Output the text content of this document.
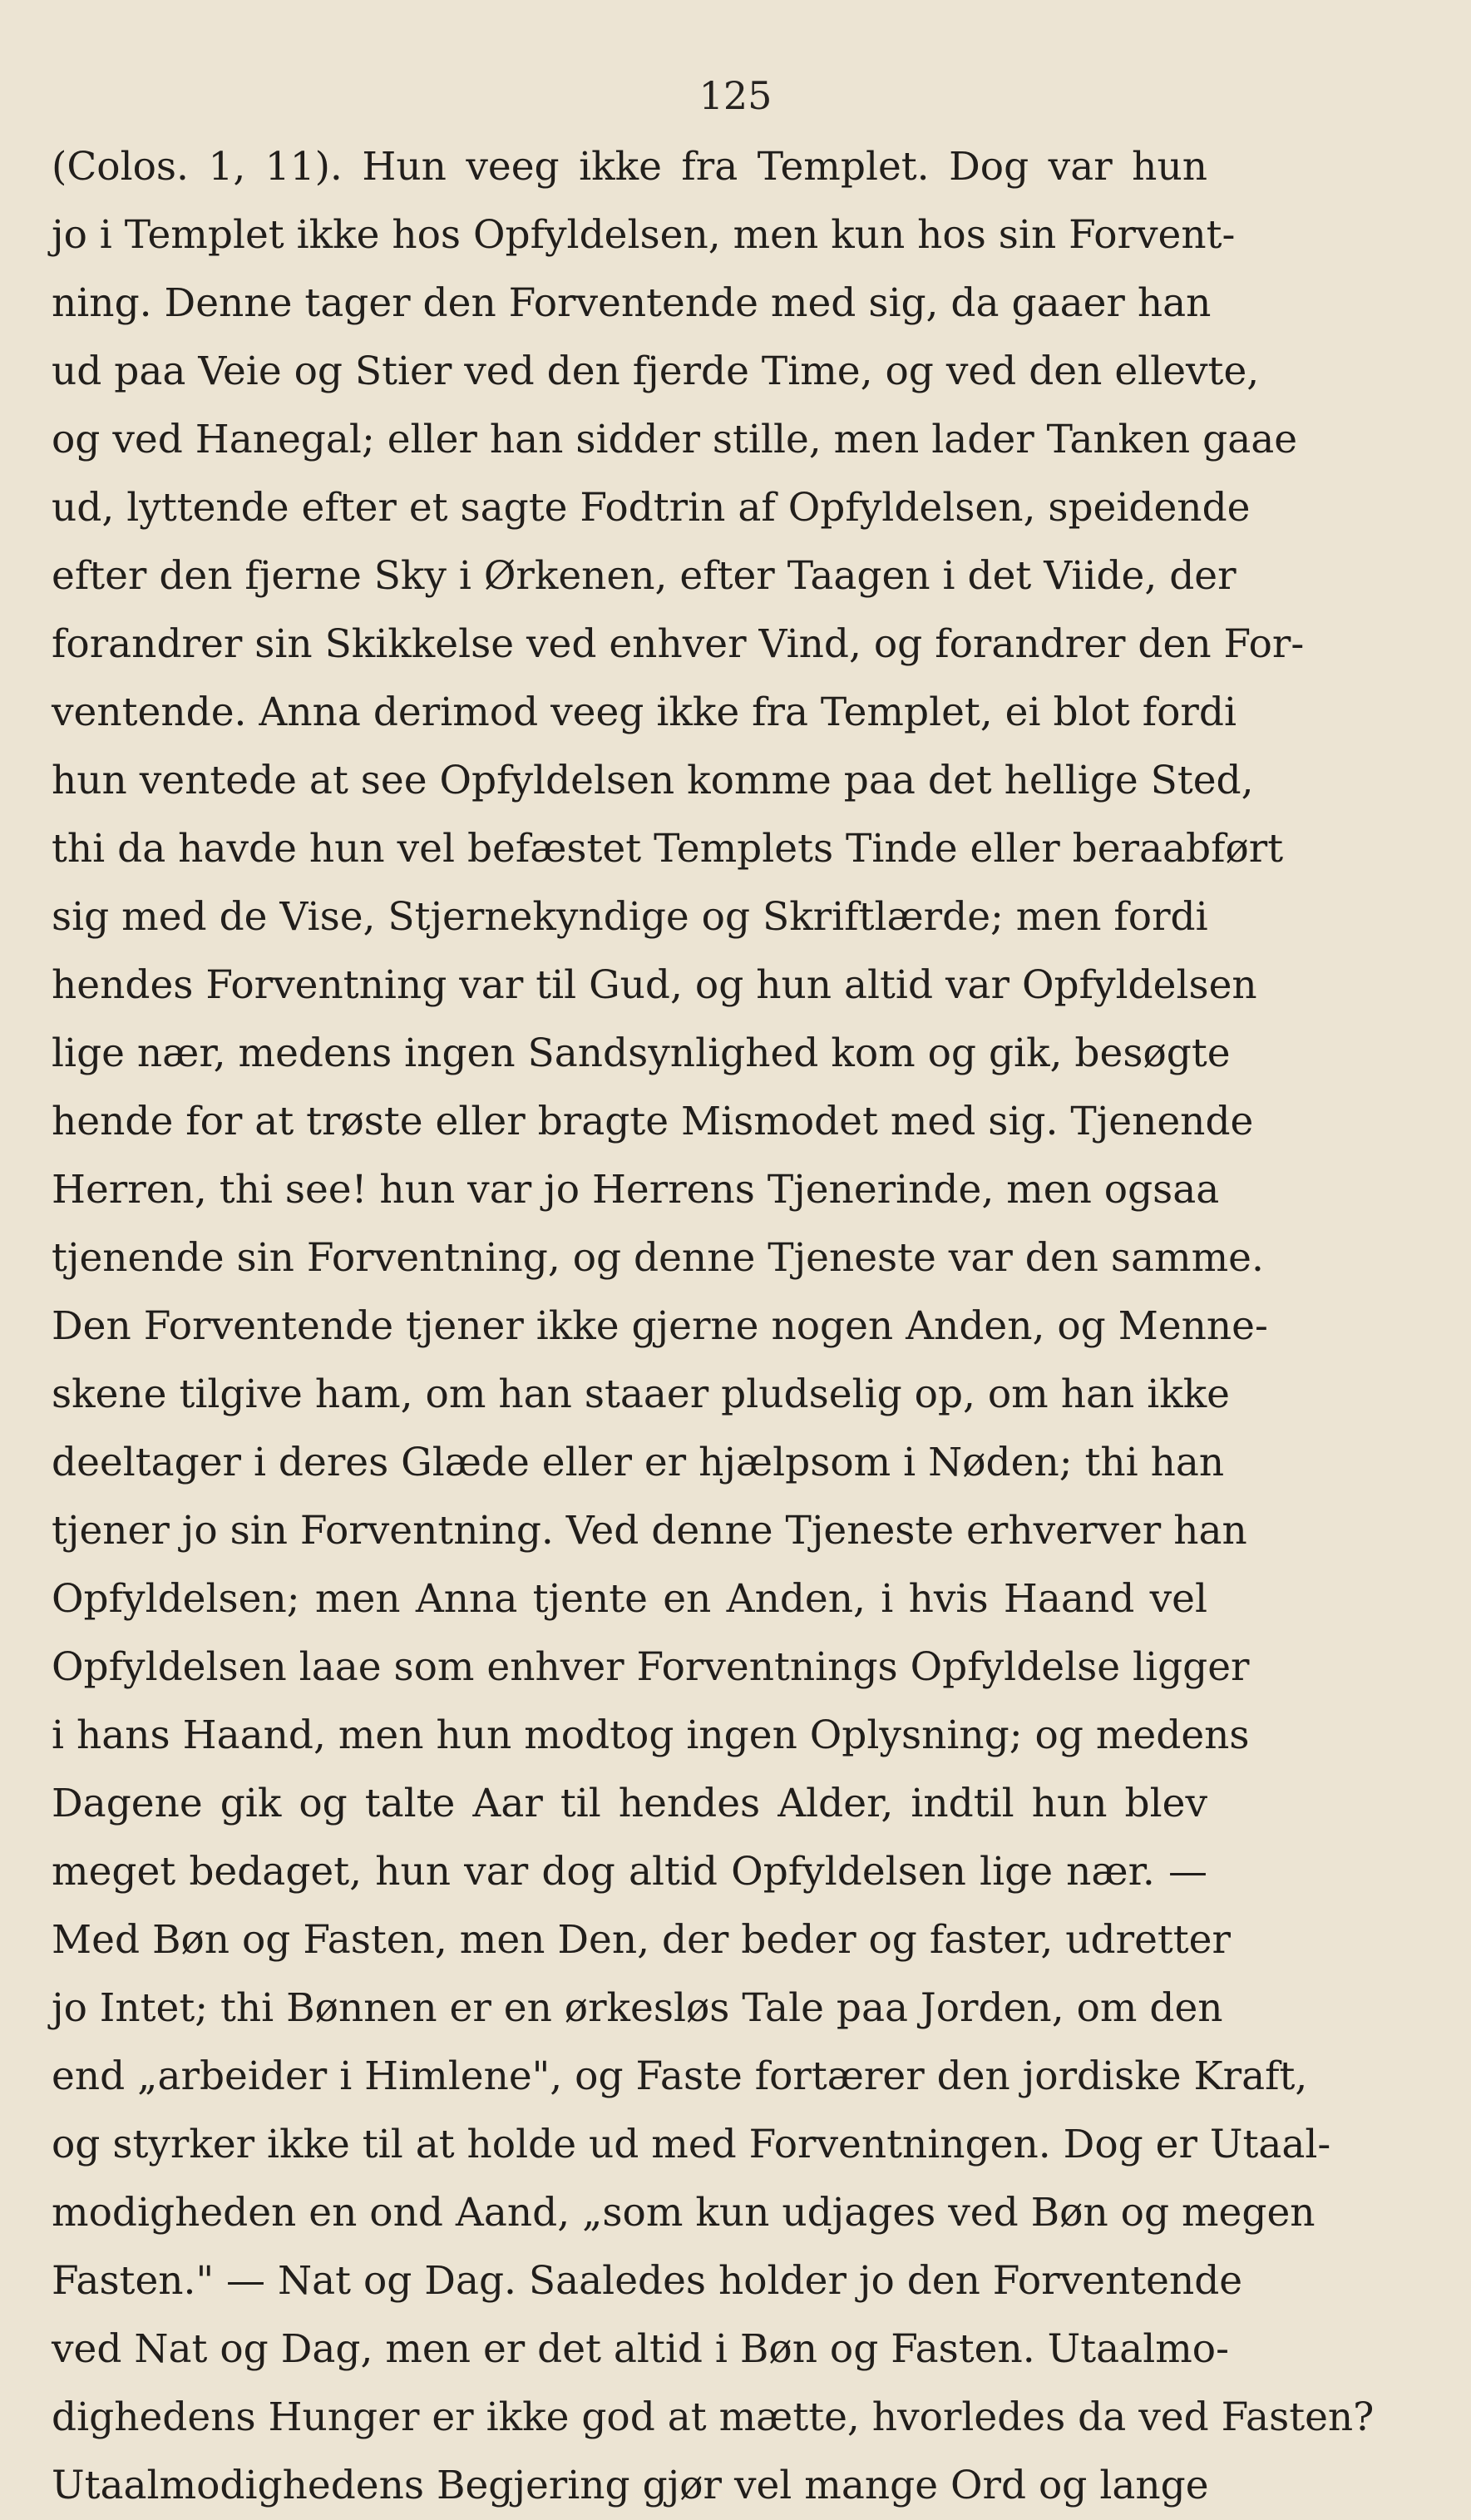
125
(Colos. 1, 11). Hun veeg ikke fra Templet. Dog var hun
jo i Templet ikke hos Opfyldelsen, men kun hos sin Forvent-
ning. Denne tager den Forventende med sig, da gaaer han
ud paa Veie og Stier ved den fjerde Time, og ved den ellevte,
og ved Hanegal; eller han sidder stille, men lader Tanken gaae
ud, lyttende efter et sagte Fodtrin af Opfyldelsen, speidende
efter den fjerne Sky i Ørkenen, efter Taagen i det Viide, der
forandrer sin Skikkelse ved enhver Vind, og forandrer den For-
ventende. Anna derimod veeg ikke fra Templet, ei blot fordi
hun ventede at see Opfyldelsen komme paa det hellige Sted,
thi da havde hun vel befæstet Templets Tinde eller beraabført
sig med de Vise, Stjernekyndige og Skriftlærde; men fordi
hendes Forventning var til Gud, og hun altid var Opfyldelsen
lige nær, medens ingen Sandsynlighed kom og gik, besøgte
hende for at trøste eller bragte Mismodet med sig. Tjenende
Herren, thi see! hun var jo Herrens Tjenerinde, men ogsaa
tjenende sin Forventning, og denne Tjeneste var den samme.
Den Forventende tjener ikke gjerne nogen Anden, og Menne-
skene tilgive ham, om han staaer pludselig op, om han ikke
deeltager i deres Glæde eller er hjælpsom i Nøden; thi han
tjener jo sin Forventning. Ved denne Tjeneste erhverver han
Opfyldelsen; men Anna tjente en Anden, i hvis Haand vel
Opfyldelsen laae som enhver Forventnings Opfyldelse ligger
i hans Haand, men hun modtog ingen Oplysning; og medens
Dagene gik og talte Aar til hendes Alder, indtil hun blev
meget bedaget, hun var dog altid Opfyldelsen lige nær. —
Med Bøn og Fasten, men Den, der beder og faster, udretter
jo Intet; thi Bønnen er en ørkesløs Tale paa Jorden, om den
end „arbeider i Himlene", og Faste fortærer den jordiske Kraft,
og styrker ikke til at holde ud med Forventningen. Dog er Utaal-
modigheden en ond Aand, „som kun udjages ved Bøn og megen
Fasten." — Nat og Dag. Saaledes holder jo den Forventende
ved Nat og Dag, men er det altid i Bøn og Fasten. Utaalmo-
dighedens Hunger er ikke god at mætte, hvorledes da ved Fasten?
Utaalmodighedens Begjering gjør vel mange Ord og lange
